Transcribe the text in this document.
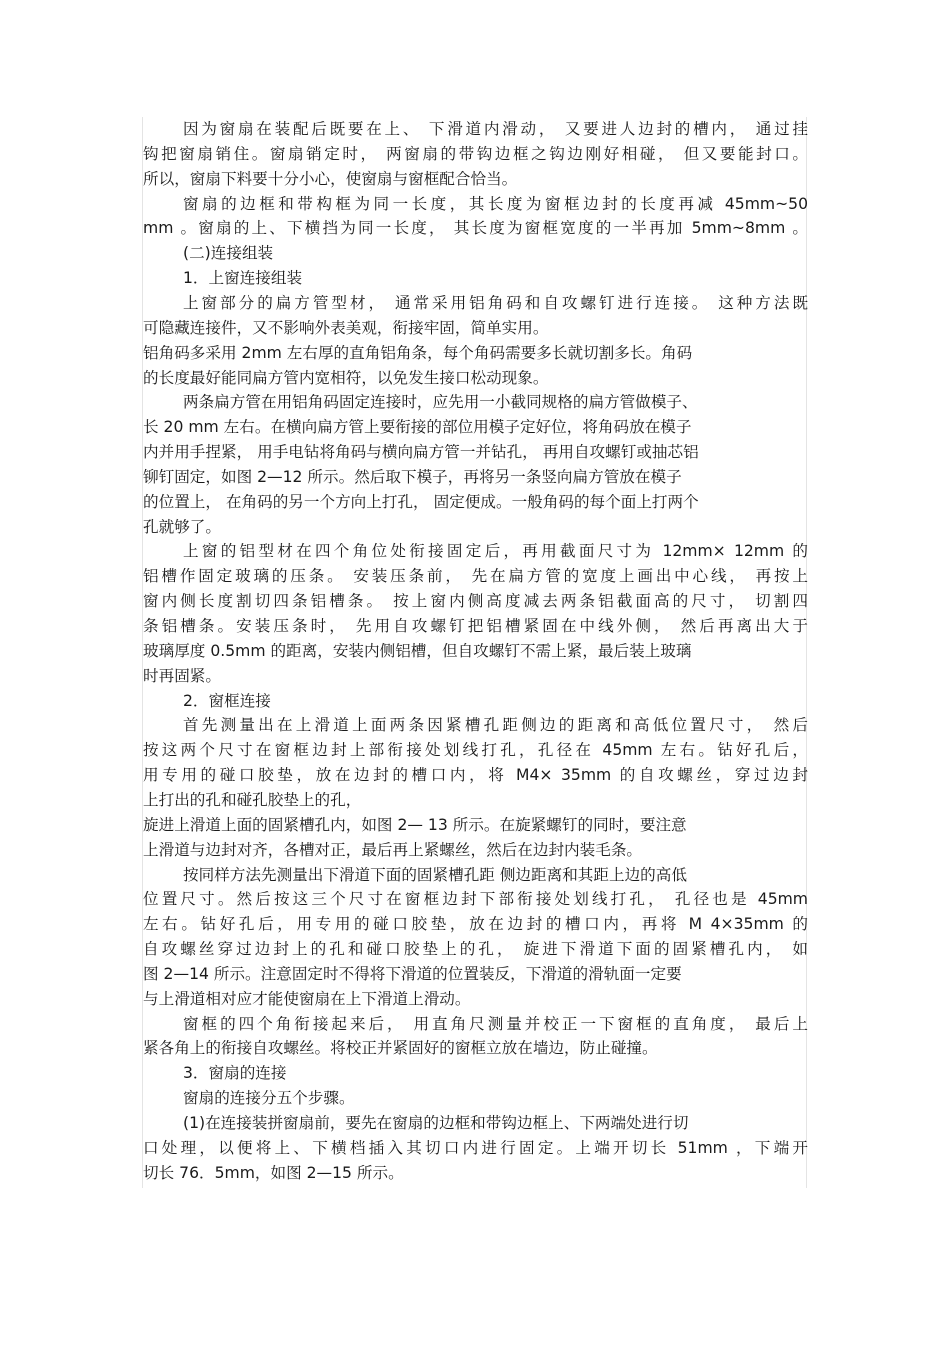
因为窗扇在装配后既要在上、 下滑道内滑动， 又要进人边封的槽内， 通过挂
钩把窗扇销住。窗扇销定时， 两窗扇的带钩边框之钩边刚好相碰， 但又要能封口。
所以，窗扇下料要十分小心，使窗扇与窗框配合恰当。
窗扇的边框和带构框为同一长度，其长度为窗框边封的长度再减 45mm~50
mm 。窗扇的上、下横挡为同一长度， 其长度为窗框宽度的一半再加 5mm~8mm 。
(二)连接组装
1．上窗连接组装
上窗部分的扁方管型材， 通常采用铝角码和自攻螺钉进行连接。 这种方法既
可隐藏连接件，又不影响外表美观，衔接牢固，简单实用。
铝角码多采用 2mm 左右厚的直角铝角条，每个角码需要多长就切割多长。角码
的长度最好能同扁方管内宽相符，以免发生接口松动现象。
两条扁方管在用铝角码固定连接时，应先用一小截同规格的扁方管做模子、
长 20 mm 左右。在横向扁方管上要衔接的部位用模子定好位，将角码放在模子
内并用手捏紧， 用手电钻将角码与横向扁方管一并钻孔， 再用自攻螺钉或抽芯铝
铆钉固定，如图 2—12 所示。然后取下模子，再将另一条竖向扁方管放在模子
的位置上， 在角码的另一个方向上打孔， 固定便成。一般角码的每个面上打两个
孔就够了。
上窗的铝型材在四个角位处衔接固定后，再用截面尺寸为 12mm× 12mm 的
铝槽作固定玻璃的压条。 安装压条前， 先在扁方管的宽度上画出中心线， 再按上
窗内侧长度割切四条铝槽条。 按上窗内侧高度减去两条铝截面高的尺寸， 切割四
条铝槽条。安装压条时， 先用自攻螺钉把铝槽紧固在中线外侧， 然后再离出大于
玻璃厚度 0.5mm 的距离，安装内侧铝槽，但自攻螺钉不需上紧，最后装上玻璃
时再固紧。
2．窗框连接
首先测量出在上滑道上面两条因紧槽孔距侧边的距离和高低位置尺寸， 然后
按这两个尺寸在窗框边封上部衔接处划线打孔，孔径在 45mm 左右。钻好孔后，
用专用的碰口胶垫，放在边封的槽口内，将 M4× 35mm 的自攻螺丝，穿过边封
上打出的孔和碰孔胶垫上的孔，
旋进上滑道上面的固紧槽孔内，如图 2— 13 所示。在旋紧螺钉的同时，要注意
上滑道与边封对齐，各槽对正，最后再上紧螺丝，然后在边封内装毛条。
按同样方法先测量出下滑道下面的固紧槽孔距 侧边距离和其距上边的高低
位置尺寸。然后按这三个尺寸在窗框边封下部衔接处划线打孔， 孔径也是 45mm
左右。钻好孔后，用专用的碰口胶垫，放在边封的槽口内，再将 M 4×35mm 的
自攻螺丝穿过边封上的孔和碰口胶垫上的孔， 旋进下滑道下面的固紧槽孔内， 如
图 2—14 所示。注意固定时不得将下滑道的位置装反，下滑道的滑轨面一定要
与上滑道相对应才能使窗扇在上下滑道上滑动。
窗框的四个角衔接起来后， 用直角尺测量并校正一下窗框的直角度， 最后上
紧各角上的衔接自攻螺丝。将校正并紧固好的窗框立放在墙边，防止碰撞。
3．窗扇的连接
窗扇的连接分五个步骤。
(1)在连接装拼窗扇前，要先在窗扇的边框和带钩边框上、下两端处进行切
口处理，以便将上、下横档插入其切口内进行固定。上端开切长 51mm ，下端开
切长 76．5mm，如图 2—15 所示。
